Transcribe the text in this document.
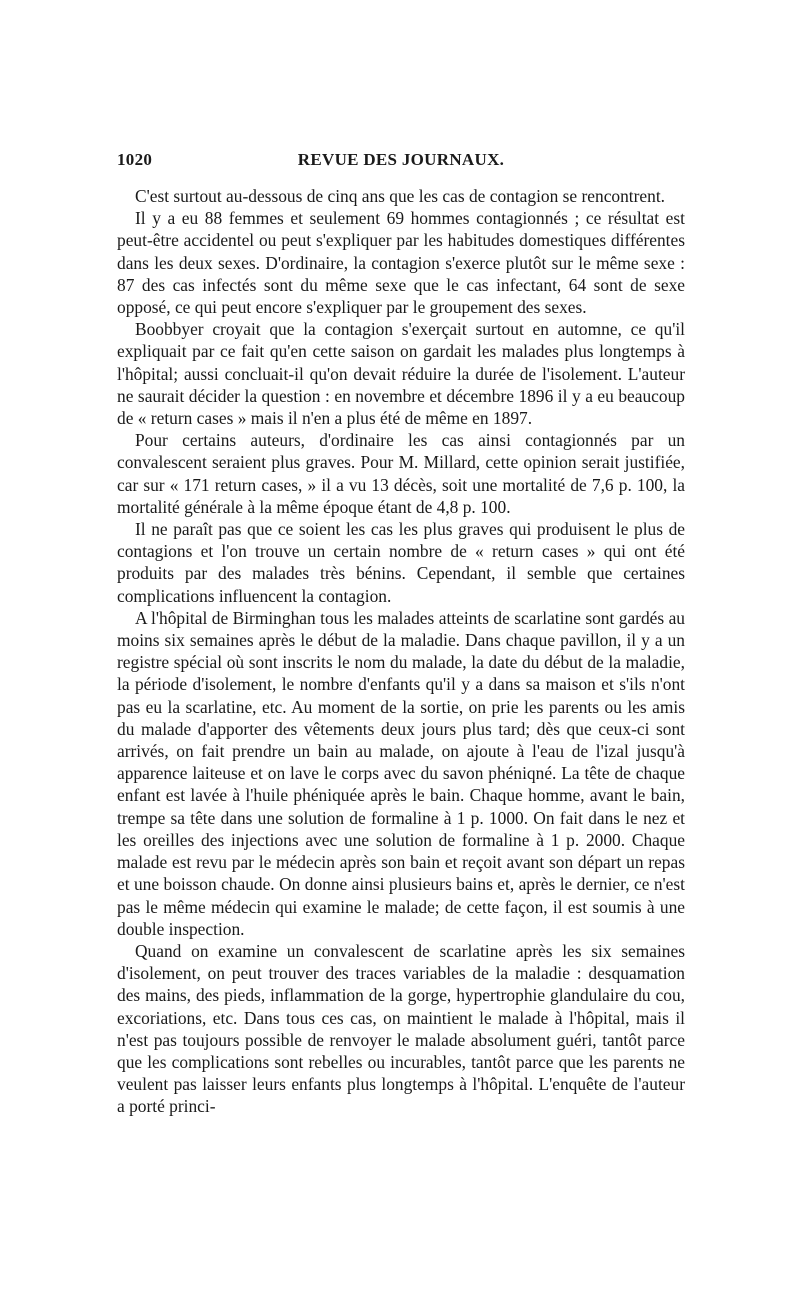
1020	REVUE DES JOURNAUX.

C'est surtout au-dessous de cinq ans que les cas de contagion se rencontrent.

Il y a eu 88 femmes et seulement 69 hommes contagionnés ; ce résultat est peut-être accidentel ou peut s'expliquer par les habitudes domestiques différentes dans les deux sexes. D'ordinaire, la contagion s'exerce plutôt sur le même sexe : 87 des cas infectés sont du même sexe que le cas infectant, 64 sont de sexe opposé, ce qui peut encore s'expliquer par le groupement des sexes.

Boobbyer croyait que la contagion s'exerçait surtout en automne, ce qu'il expliquait par ce fait qu'en cette saison on gardait les malades plus longtemps à l'hôpital; aussi concluait-il qu'on devait réduire la durée de l'isolement. L'auteur ne saurait décider la question : en novembre et décembre 1896 il y a eu beaucoup de « return cases » mais il n'en a plus été de même en 1897.

Pour certains auteurs, d'ordinaire les cas ainsi contagionnés par un convalescent seraient plus graves. Pour M. Millard, cette opinion serait justifiée, car sur « 171 return cases, » il a vu 13 décès, soit une mortalité de 7,6 p. 100, la mortalité générale à la même époque étant de 4,8 p. 100.

Il ne paraît pas que ce soient les cas les plus graves qui produisent le plus de contagions et l'on trouve un certain nombre de « return cases » qui ont été produits par des malades très bénins. Cependant, il semble que certaines complications influencent la contagion.

A l'hôpital de Birminghan tous les malades atteints de scarlatine sont gardés au moins six semaines après le début de la maladie. Dans chaque pavillon, il y a un registre spécial où sont inscrits le nom du malade, la date du début de la maladie, la période d'isolement, le nombre d'enfants qu'il y a dans sa maison et s'ils n'ont pas eu la scarlatine, etc. Au moment de la sortie, on prie les parents ou les amis du malade d'apporter des vêtements deux jours plus tard; dès que ceux-ci sont arrivés, on fait prendre un bain au malade, on ajoute à l'eau de l'izal jusqu'à apparence laiteuse et on lave le corps avec du savon phéniqné. La tête de chaque enfant est lavée à l'huile phéniquée après le bain. Chaque homme, avant le bain, trempe sa tête dans une solution de formaline à 1 p. 1000. On fait dans le nez et les oreilles des injections avec une solution de formaline à 1 p. 2000. Chaque malade est revu par le médecin après son bain et reçoit avant son départ un repas et une boisson chaude. On donne ainsi plusieurs bains et, après le dernier, ce n'est pas le même médecin qui examine le malade; de cette façon, il est soumis à une double inspection.

Quand on examine un convalescent de scarlatine après les six semaines d'isolement, on peut trouver des traces variables de la maladie : desquamation des mains, des pieds, inflammation de la gorge, hypertrophie glandulaire du cou, excoriations, etc. Dans tous ces cas, on maintient le malade à l'hôpital, mais il n'est pas toujours possible de renvoyer le malade absolument guéri, tantôt parce que les complications sont rebelles ou incurables, tantôt parce que les parents ne veulent pas laisser leurs enfants plus longtemps à l'hôpital. L'enquête de l'auteur a porté princi-
